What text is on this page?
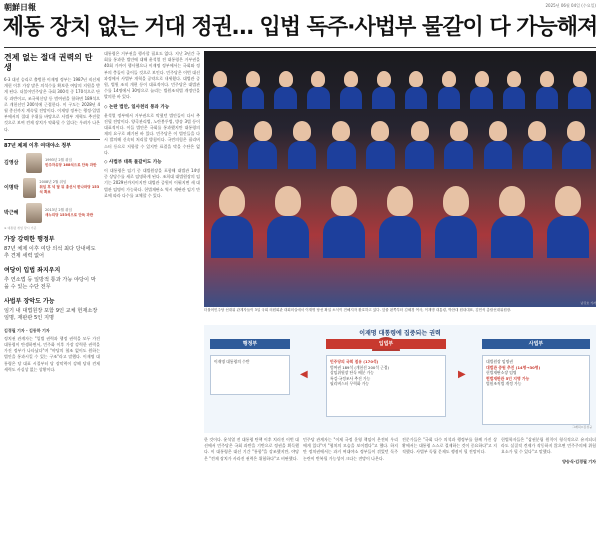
朝鮮日報	2025년 06월 04일 (수요일)
제동 장치 없는 거대 정권… 입법 독주·사법부 물갈이 다 가능해져
견제 없는 절대 권력의 탄생
6·3 대선 승리로 출범한 이재명 정부는 1987년 직선제 개헌 이후 가장 많은 의석수를 확보한 여당의 지원을 받게 된다. 더불어민주당은 국회 300석 중 170석으로 단독 과반이고, 조국혁신당 등 범여권을 합하면 189석으로 개헌선인 200석에 근접한다. 이 구도는 2028년 4월 총선까지 계속될 전망이다. 이재명 정부는 행정·입법부에서의 절대 우위를 바탕으로 사법부 개혁도 추진할 것으로 보여 견제 장치가 약화될 수 있다는 우려가 나온다.
87년 체제 이후 여대야소 정부
김영삼
1993년 2월 취임
민주자유당 168석으로 단독 과반
이명박
2008년 2월 취임
취임 후 넉 달 뒤 총선서 한나라당 153석 확보
박근혜
2013년 2월 취임
새누리당 153석으로 단독 과반
※ 대통령 취임 당시 기준
가장 강력한 행정부
87년 체제 이후 여당 의석 최다 당내에도 추 견제 세력 없어
여당이 입법 좌지우지
추 연소법 등 일방적 통과 가능 야당이 막을 수 있는 수단 전무
사법부 장악도 가능
임기 내 대법원장 포함 9인 교체 헌재소장 임명, 재판관 5인 지명
김경필 기자 · 김동하 기자
정치권 관계자는 "입법 권력과 행정 권력을 모두 가진 대통령이 탄생하면서, 민주화 이후 가장 강력한 권력을 가진 정부가 나타났다"며 "야당의 협조 없이도 원하는 법안을 통과시킬 수 있는 구조"라고 말했다. 이재명 대통령은 당 대표 시절부터 당 장악력이 강해 당내 견제 세력도 사실상 없는 상황이다.
대통령은 거부권을 행사할 필요도 없다. 지난 3년간 국회를 통과한 법안에 대해 윤석열 전 대통령은 거부권을 40회 가까이 행사했으나 이재명 정부에서는 국회와 정부의 충돌이 줄어들 것으로 보인다. 민주당은 이번 대선 과정에서 사법부 개혁을 공약으로 내세웠다. 대법관 증원, 법원 조직 개편 등이 대표적이다. 민주당은 대법관 수를 14명에서 30명으로 늘리는 법원조직법 개정안을 발의한 바 있다.
◇ 논란 법안, 일사천리 통과 가능
윤석열 정부에서 거부권으로 막혔던 법안들이 다시 추진될 전망이다. 양곡관리법, 노란봉투법, 방송 3법 등이 대표적이다. 이들 법안은 국회를 통과했지만 대통령의 재의 요구로 폐기된 바 있다. 민주당은 이 법안들을 다시 발의해 신속히 처리할 방침이다. 국민의힘은 필리버스터 등으로 저항할 수 있지만 표결을 막을 수단은 없다.
◇ 사법부 대폭 물갈이도 가능
이 대통령은 임기 중 대법원장을 포함해 대법관 14명 중 상당수를 새로 임명하게 된다. 조희대 대법원장의 임기는 2029년까지이지만 대법관 증원이 이뤄지면 새 대법관 임명이 가능하다. 헌법재판소 역시 재판관 임기 만료에 따라 다수를 교체할 수 있다.
남강호 기자
더불어민주당 선대위 관계자들이 3일 국회 의원회관 대회의실에서 이재명 당선 확실 소식이 전해지자 환호하고 있다. 앞줄 왼쪽부터 김혜경 여사, 이재명 대통령, 박찬대 원내대표, 김민석 총괄선대위원장.
이재명 대통령에 집중되는 권력
행정부
이재명 대통령의 수반
◀
입법부
민주당의 국회 점유 (170석)
범여권 189석 (개헌선 200석 근접)
상임위원장 단독 배분 가능
특검·국정조사 추진 가능
필리버스터 무력화 가능
▶
사법부
대법원장 임명권
대법관 증원 추진 (14명→30명)
헌법재판소장 임명
헌법재판관 5인 지명 가능
법원조직법 개정 가능
그래픽=김성규
한 것이다. 윤석열 전 대통령 탄핵 이후 치러진 이번 대선에서 민주당은 국회 과반을 기반으로 정권을 획득했다. 이 대통령은 대선 기간 "통합"을 강조했지만, 야당은 "견제 장치가 사라진 권력은 위험하다"고 비판했다.
민주당 관계자는 "이제 국정 운영 책임이 온전히 우리에게 있다"며 "협치의 모습을 보이겠다"고 했다. 하지만 정치권에서는 과거 여대야소 정부들이 겪었던 독주 논란이 반복될 가능성이 크다는 전망이 나온다.
전문가들은 "국회 다수 의석과 행정부를 함께 가진 상황에서는 대통령 스스로 절제하는 것이 중요하다"고 지적했다. 사법부 독립 문제도 쟁점이 될 전망이다.
헌법학자들은 "삼권분립 원칙이 형식적으로 유지되더라도 실질적 견제가 작동하지 않으면 민주주의에 위험 요소가 될 수 있다"고 말했다.
양승식·김경필 기자
